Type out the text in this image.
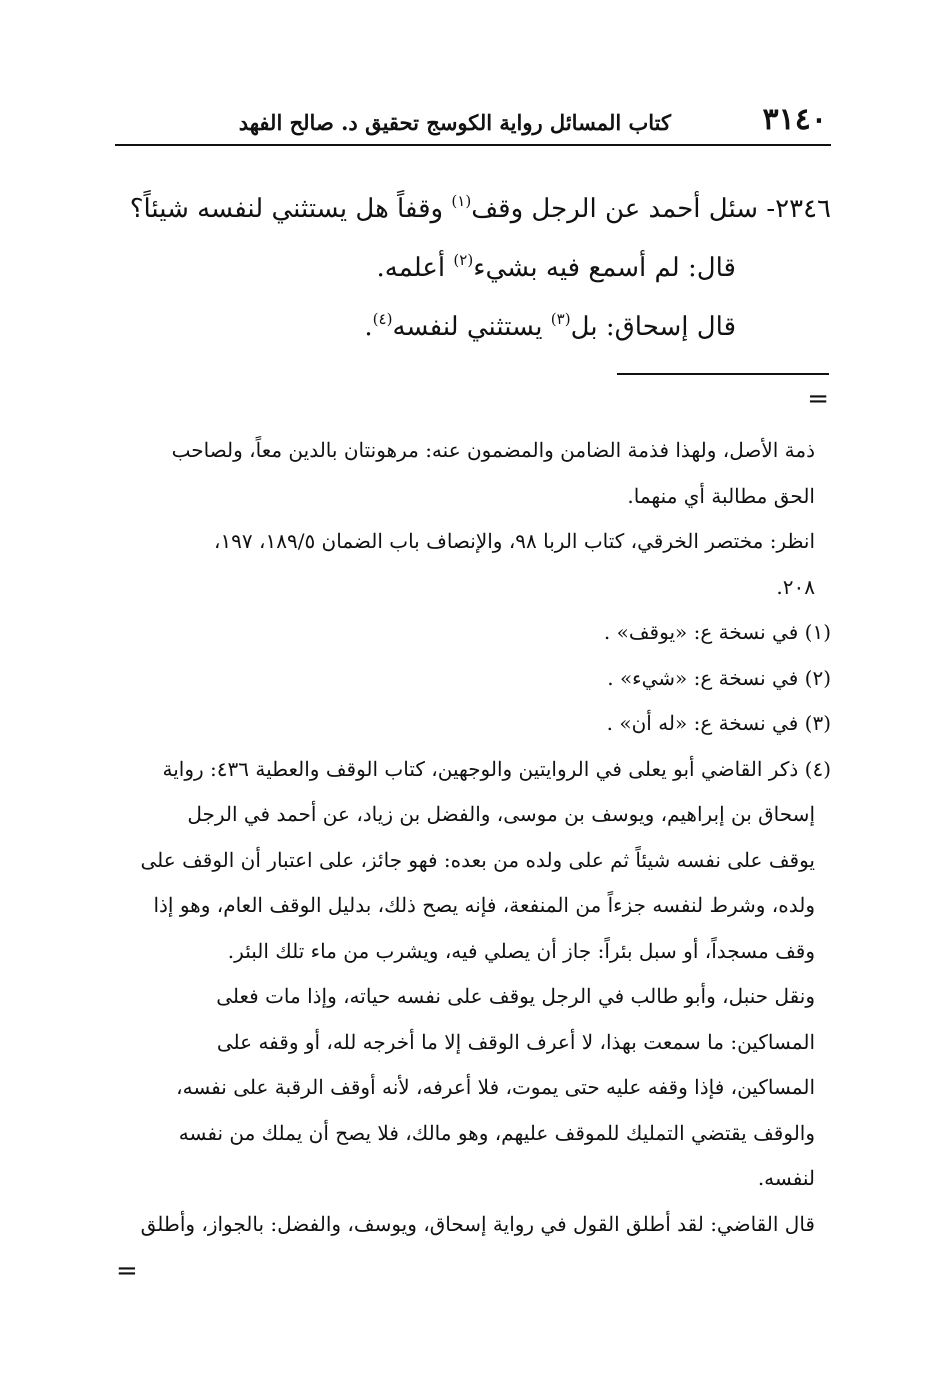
٣١٤٠
كتاب المسائل رواية الكوسج تحقيق د. صالح الفهد

٢٣٤٦- سئل أحمد عن الرجل وقف$^{(١)}$ وقفاً هل يستثني لنفسه شيئاً؟

قال: لم أسمع فيه بشيء$^{(٢)}$ أعلمه.

قال إسحاق: بل$^{(٣)}$ يستثني لنفسه$^{(٤)}$.

=

ذمة الأصل، ولهذا فذمة الضامن والمضمون عنه: مرهونتان بالدين معاً، ولصاحب

الحق مطالبة أي منهما.

انظر: مختصر الخرقي، كتاب الربا ٩٨، والإنصاف باب الضمان ١٨٩/٥، ١٩٧،

٢٠٨.

(١) في نسخة ع: «يوقف» .

(٢) في نسخة ع: «شيء» .

(٣) في نسخة ع: «له أن» .

(٤) ذكر القاضي أبو يعلى في الروايتين والوجهين، كتاب الوقف والعطية ٤٣٦: رواية

إسحاق بن إبراهيم، ويوسف بن موسى، والفضل بن زياد، عن أحمد في الرجل

يوقف على نفسه شيئاً ثم على ولده من بعده: فهو جائز، على اعتبار أن الوقف على

ولده، وشرط لنفسه جزءاً من المنفعة، فإنه يصح ذلك، بدليل الوقف العام، وهو إذا

وقف مسجداً، أو سبل بئراً: جاز أن يصلي فيه، ويشرب من ماء تلك البئر.

ونقل حنبل، وأبو طالب في الرجل يوقف على نفسه حياته، وإذا مات فعلى

المساكين: ما سمعت بهذا، لا أعرف الوقف إلا ما أخرجه لله، أو وقفه على

المساكين، فإذا وقفه عليه حتى يموت، فلا أعرفه، لأنه أوقف الرقبة على نفسه،

والوقف يقتضي التمليك للموقف عليهم، وهو مالك، فلا يصح أن يملك من نفسه

لنفسه.

قال القاضي: لقد أطلق القول في رواية إسحاق، ويوسف، والفضل: بالجواز، وأطلق

=
